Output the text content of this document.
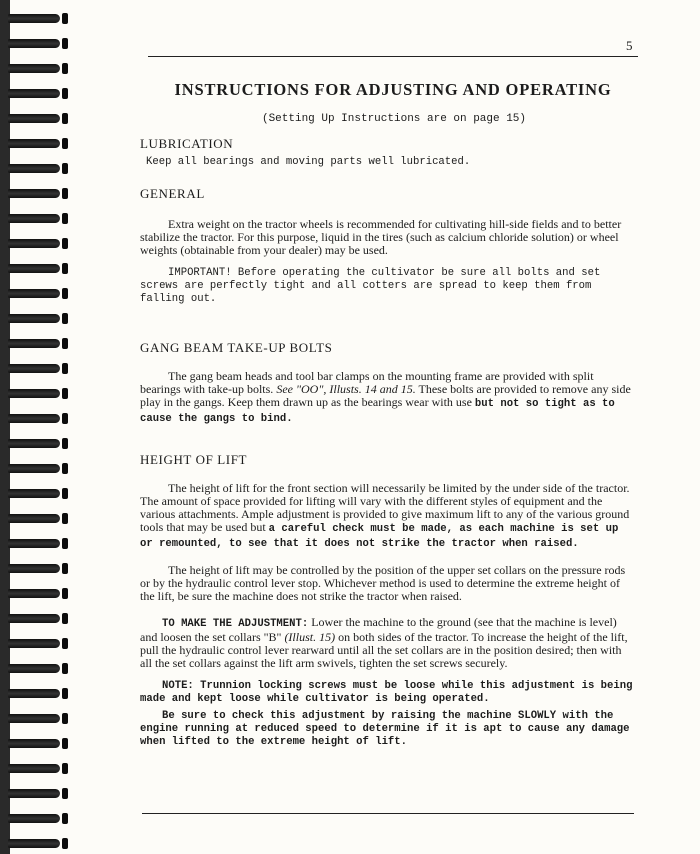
5
INSTRUCTIONS FOR ADJUSTING AND OPERATING
(Setting Up Instructions are on page 15)
LUBRICATION

Keep all bearings and moving parts well lubricated.

GENERAL

Extra weight on the tractor wheels is recommended for cultivating hill-side fields and to better stabilize the tractor. For this purpose, liquid in the tires (such as calcium chloride solution) or wheel weights (obtainable from your dealer) may be used.

IMPORTANT! Before operating the cultivator be sure all bolts and set screws are perfectly tight and all cotters are spread to keep them from falling out.

GANG BEAM TAKE-UP BOLTS

The gang beam heads and tool bar clamps on the mounting frame are provided with split bearings with take-up bolts. See "OO", Illusts. 14 and 15. These bolts are provided to remove any side play in the gangs. Keep them drawn up as the bearings wear with use but not so tight as to cause the gangs to bind.

HEIGHT OF LIFT

The height of lift for the front section will necessarily be limited by the under side of the tractor. The amount of space provided for lifting will vary with the different styles of equipment and the various attachments. Ample adjustment is provided to give maximum lift to any of the various ground tools that may be used but a careful check must be made, as each machine is set up or remounted, to see that it does not strike the tractor when raised.

The height of lift may be controlled by the position of the upper set collars on the pressure rods or by the hydraulic control lever stop. Whichever method is used to determine the extreme height of the lift, be sure the machine does not strike the tractor when raised.

TO MAKE THE ADJUSTMENT: Lower the machine to the ground (see that the machine is level) and loosen the set collars "B" (Illust. 15) on both sides of the tractor. To increase the height of the lift, pull the hydraulic control lever rearward until all the set collars are in the position desired; then with all the set collars against the lift arm swivels, tighten the set screws securely.

NOTE: Trunnion locking screws must be loose while this adjustment is being made and kept loose while cultivator is being operated.

Be sure to check this adjustment by raising the machine SLOWLY with the engine running at reduced speed to determine if it is apt to cause any damage when lifted to the extreme height of lift.
